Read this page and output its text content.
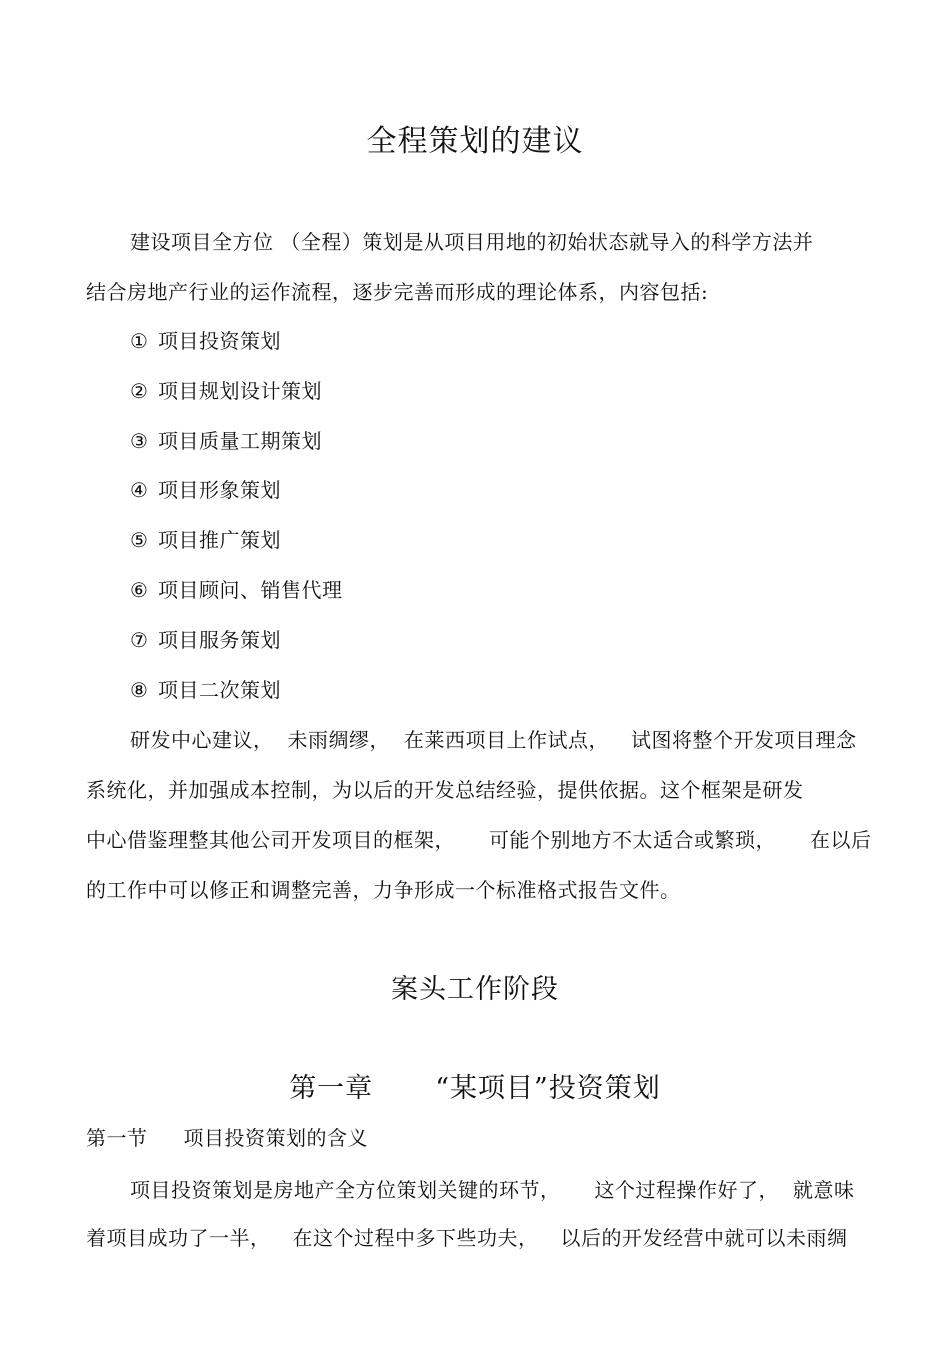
全程策划的建议
建设项目全方位 （全程）策划是从项目用地的初始状态就导入的科学方法并
结合房地产行业的运作流程，逐步完善而形成的理论体系，内容包括:
① 项目投资策划
② 项目规划设计策划
③ 项目质量工期策划
④ 项目形象策划
⑤ 项目推广策划
⑥ 项目顾问、销售代理
⑦ 项目服务策划
⑧ 项目二次策划
研发中心建议， 未雨绸缪， 在莱西项目上作试点， 试图将整个开发项目理念
系统化，并加强成本控制，为以后的开发总结经验，提供依据。这个框架是研发
中心借鉴理整其他公司开发项目的框架， 可能个别地方不太适合或繁琐， 在以后
的工作中可以修正和调整完善，力争形成一个标准格式报告文件。
案头工作阶段
第一章 “某项目”投资策划
第一节 项目投资策划的含义
项目投资策划是房地产全方位策划关键的环节， 这个过程操作好了， 就意味
着项目成功了一半， 在这个过程中多下些功夫， 以后的开发经营中就可以未雨绸
